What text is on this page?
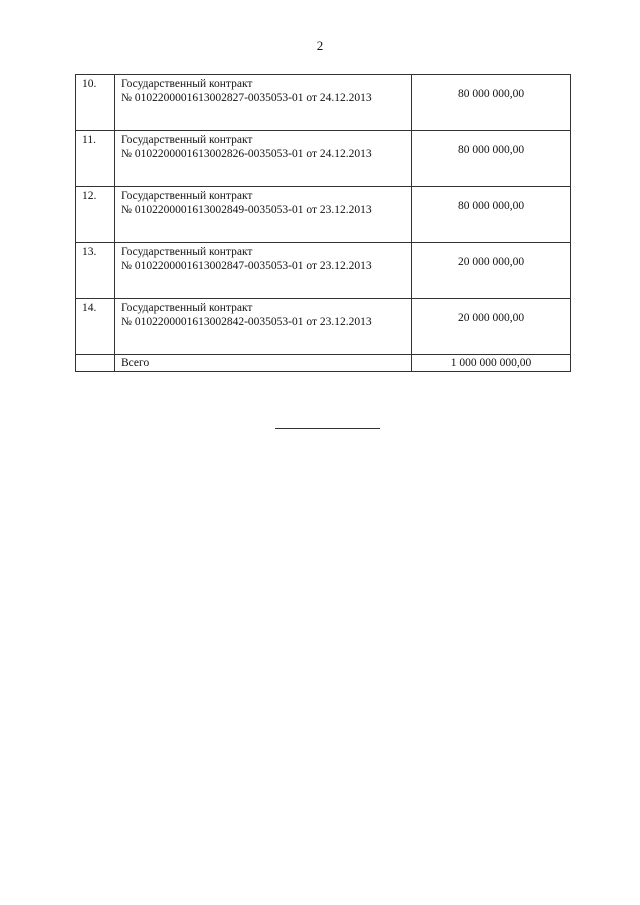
2
10.	Государственный контракт
№ 0102200001613002827-0035053-01 от 24.12.2013	80 000 000,00
11.	Государственный контракт
№ 0102200001613002826-0035053-01 от 24.12.2013	80 000 000,00
12.	Государственный контракт
№ 0102200001613002849-0035053-01 от 23.12.2013	80 000 000,00
13.	Государственный контракт
№ 0102200001613002847-0035053-01 от 23.12.2013	20 000 000,00
14.	Государственный контракт
№ 0102200001613002842-0035053-01 от 23.12.2013	20 000 000,00
	Всего	1 000 000 000,00
